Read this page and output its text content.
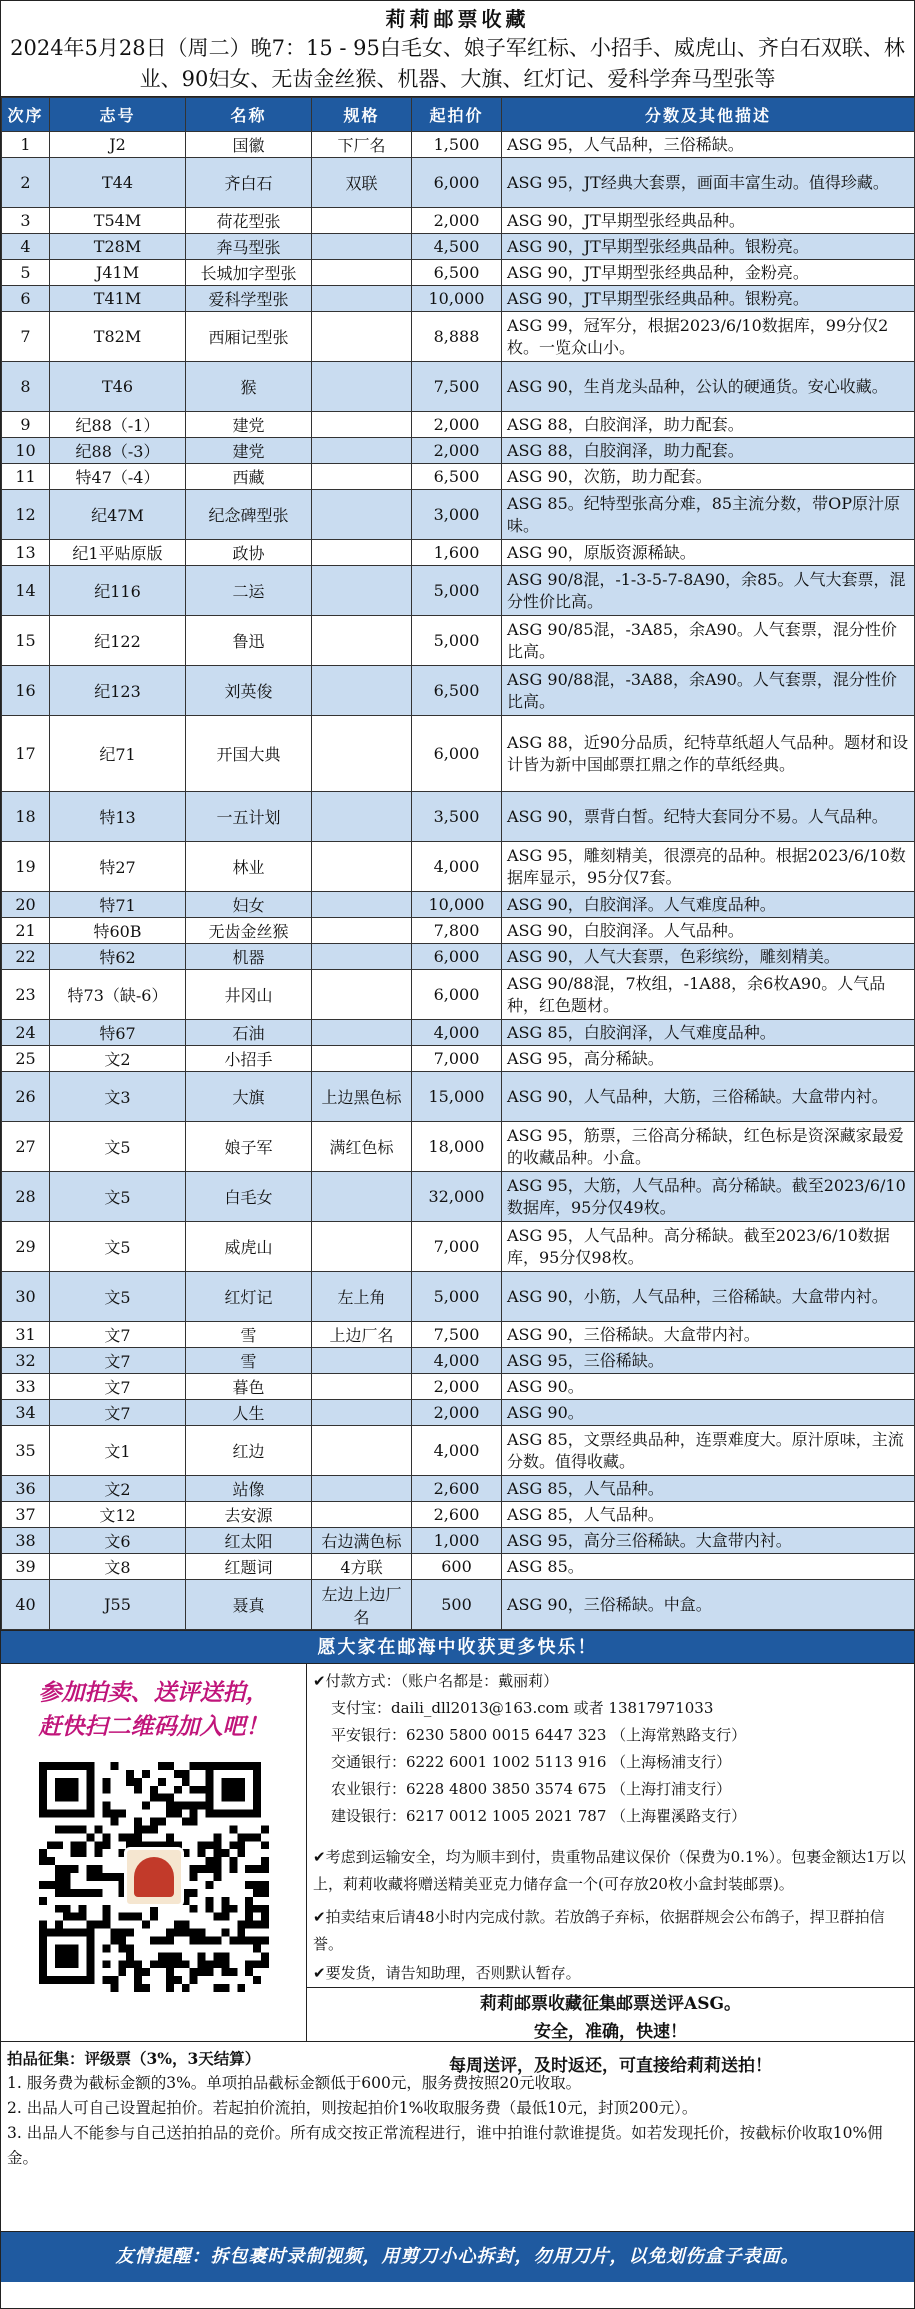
莉莉邮票收藏
2024年5月28日（周二）晚7：15 - 95白毛女、娘子军红标、小招手、威虎山、齐白石双联、林业、90妇女、无齿金丝猴、机器、大旗、红灯记、爱科学奔马型张等
次序	志号	名称	规格	起拍价	分数及其他描述
1	J2	国徽	下厂名	1,500	ASG 95，人气品种，三俗稀缺。
2	T44	齐白石	双联	6,000	ASG 95，JT经典大套票，画面丰富生动。值得珍藏。
3	T54M	荷花型张		2,000	ASG 90，JT早期型张经典品种。
4	T28M	奔马型张		4,500	ASG 90，JT早期型张经典品种。银粉亮。
5	J41M	长城加字型张		6,500	ASG 90，JT早期型张经典品种，金粉亮。
6	T41M	爱科学型张		10,000	ASG 90，JT早期型张经典品种。银粉亮。
7	T82M	西厢记型张		8,888	ASG 99，冠军分，根据2023/6/10数据库，99分仅2枚。一览众山小。
8	T46	猴		7,500	ASG 90，生肖龙头品种，公认的硬通货。安心收藏。
9	纪88（-1）	建党		2,000	ASG 88，白胶润泽，助力配套。
10	纪88（-3）	建党		2,000	ASG 88，白胶润泽，助力配套。
11	特47（-4）	西藏		6,500	ASG 90，次筋，助力配套。
12	纪47M	纪念碑型张		3,000	ASG 85。纪特型张高分难，85主流分数，带OP原汁原味。
13	纪1平贴原版	政协		1,600	ASG 90，原版资源稀缺。
14	纪116	二运		5,000	ASG 90/8混，-1-3-5-7-8A90，余85。人气大套票，混分性价比高。
15	纪122	鲁迅		5,000	ASG 90/85混，-3A85，余A90。人气套票，混分性价比高。
16	纪123	刘英俊		6,500	ASG 90/88混，-3A88，余A90。人气套票，混分性价比高。
17	纪71	开国大典		6,000	ASG 88，近90分品质，纪特草纸超人气品种。题材和设计皆为新中国邮票扛鼎之作的草纸经典。
18	特13	一五计划		3,500	ASG 90，票背白皙。纪特大套同分不易。人气品种。
19	特27	林业		4,000	ASG 95，雕刻精美，很漂亮的品种。根据2023/6/10数据库显示，95分仅7套。
20	特71	妇女		10,000	ASG 90，白胶润泽。人气难度品种。
21	特60B	无齿金丝猴		7,800	ASG 90，白胶润泽。人气品种。
22	特62	机器		6,000	ASG 90，人气大套票，色彩缤纷，雕刻精美。
23	特73（缺-6）	井冈山		6,000	ASG 90/88混，7枚组，-1A88，余6枚A90。人气品种，红色题材。
24	特67	石油		4,000	ASG 85，白胶润泽，人气难度品种。
25	文2	小招手		7,000	ASG 95，高分稀缺。
26	文3	大旗	上边黑色标	15,000	ASG 90，人气品种，大筋，三俗稀缺。大盒带内衬。
27	文5	娘子军	满红色标	18,000	ASG 95，筋票，三俗高分稀缺，红色标是资深藏家最爱的收藏品种。小盒。
28	文5	白毛女		32,000	ASG 95，大筋，人气品种。高分稀缺。截至2023/6/10数据库，95分仅49枚。
29	文5	威虎山		7,000	ASG 95，人气品种。高分稀缺。截至2023/6/10数据库，95分仅98枚。
30	文5	红灯记	左上角	5,000	ASG 90，小筋，人气品种，三俗稀缺。大盒带内衬。
31	文7	雪	上边厂名	7,500	ASG 90，三俗稀缺。大盒带内衬。
32	文7	雪		4,000	ASG 95，三俗稀缺。
33	文7	暮色		2,000	ASG 90。
34	文7	人生		2,000	ASG 90。
35	文1	红边		4,000	ASG 85，文票经典品种，连票难度大。原汁原味，主流分数。值得收藏。
36	文2	站像		2,600	ASG 85，人气品种。
37	文12	去安源		2,600	ASG 85，人气品种。
38	文6	红太阳	右边满色标	1,000	ASG 95，高分三俗稀缺。大盒带内衬。
39	文8	红题词	4方联	600	ASG 85。
40	J55	聂真	左边上边厂名	500	ASG 90，三俗稀缺。中盒。
愿大家在邮海中收获更多快乐！
参加拍卖、送评送拍，
赶快扫二维码加入吧！
✔付款方式：（账户名都是：戴丽莉）
支付宝：daili_dll2013@163.com 或者 13817971033
平安银行：6230 5800 0015 6447 323 （上海常熟路支行）
交通银行：6222 6001 1002 5113 916 （上海杨浦支行）
农业银行：6228 4800 3850 3574 675 （上海打浦支行）
建设银行：6217 0012 1005 2021 787 （上海瞿溪路支行）
✔考虑到运输安全，均为顺丰到付，贵重物品建议保价（保费为0.1%）。包裹金额达1万以上，莉莉收藏将赠送精美亚克力储存盒一个(可存放20枚小盒封装邮票)。
✔拍卖结束后请48小时内完成付款。若放鸽子弃标，依据群规会公布鸽子，捍卫群拍信誉。
✔要发货，请告知助理，否则默认暂存。
莉莉邮票收藏征集邮票送评ASG。
安全，准确，快速！
每周送评，及时返还，可直接给莉莉送拍！
拍品征集：评级票（3%，3天结算）
1. 服务费为截标金额的3%。单项拍品截标金额低于600元，服务费按照20元收取。
2. 出品人可自己设置起拍价。若起拍价流拍，则按起拍价1%收取服务费（最低10元，封顶200元）。
3. 出品人不能参与自己送拍拍品的竞价。所有成交按正常流程进行，谁中拍谁付款谁提货。如若发现托价，按截标价收取10%佣金。
友情提醒：拆包裹时录制视频，用剪刀小心拆封，勿用刀片，以免划伤盒子表面。
